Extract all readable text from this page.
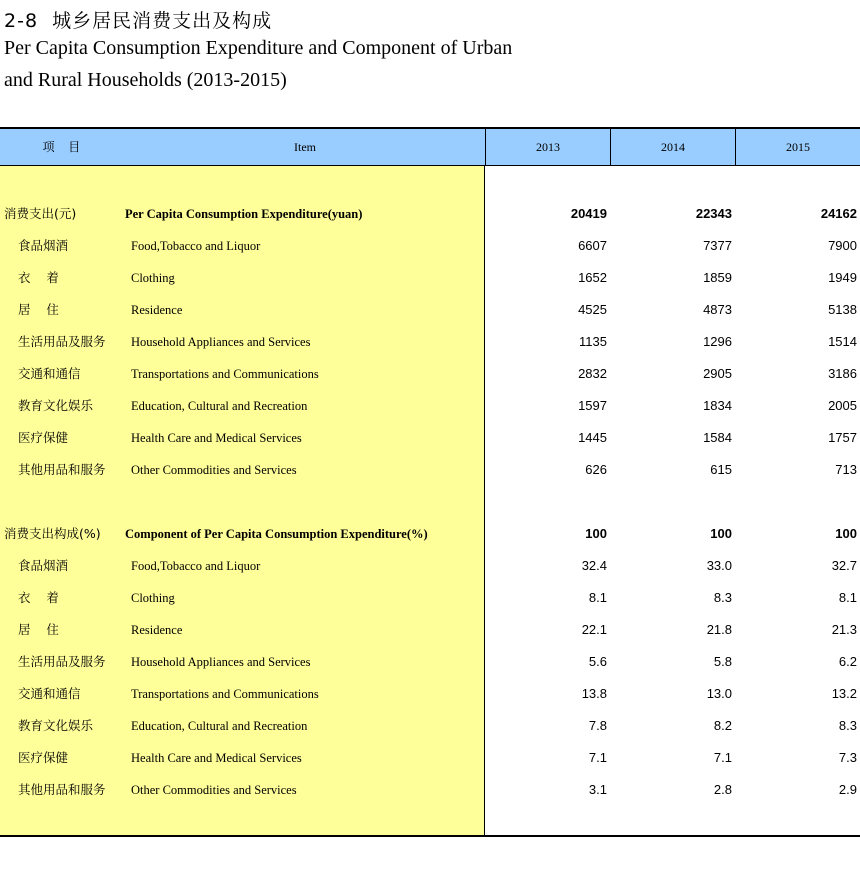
2-8  城乡居民消费支出及构成
Per Capita Consumption Expenditure and Component of Urban
and Rural Households (2013-2015)
项  目	Item	2013	2014	2015
消费支出(元)	Per Capita Consumption Expenditure(yuan)	20419	22343	24162
食品烟酒	Food,Tobacco and Liquor	6607	7377	7900
衣    着	Clothing	1652	1859	1949
居    住	Residence	4525	4873	5138
生活用品及服务 Household Appliances and Services	1135	1296	1514
交通和通信	Transportations and Communications	2832	2905	3186
教育文化娱乐	Education, Cultural and Recreation	1597	1834	2005
医疗保健	Health Care and Medical Services	1445	1584	1757
其他用品和服务 Other Commodities and Services	626	615	713
消费支出构成(%) Component of Per Capita Consumption Expenditure(%)	100	100	100
食品烟酒	Food,Tobacco and Liquor	32.4	33.0	32.7
衣    着	Clothing	8.1	8.3	8.1
居    住	Residence	22.1	21.8	21.3
生活用品及服务 Household Appliances and Services	5.6	5.8	6.2
交通和通信	Transportations and Communications	13.8	13.0	13.2
教育文化娱乐	Education, Cultural and Recreation	7.8	8.2	8.3
医疗保健	Health Care and Medical Services	7.1	7.1	7.3
其他用品和服务 Other Commodities and Services	3.1	2.8	2.9
